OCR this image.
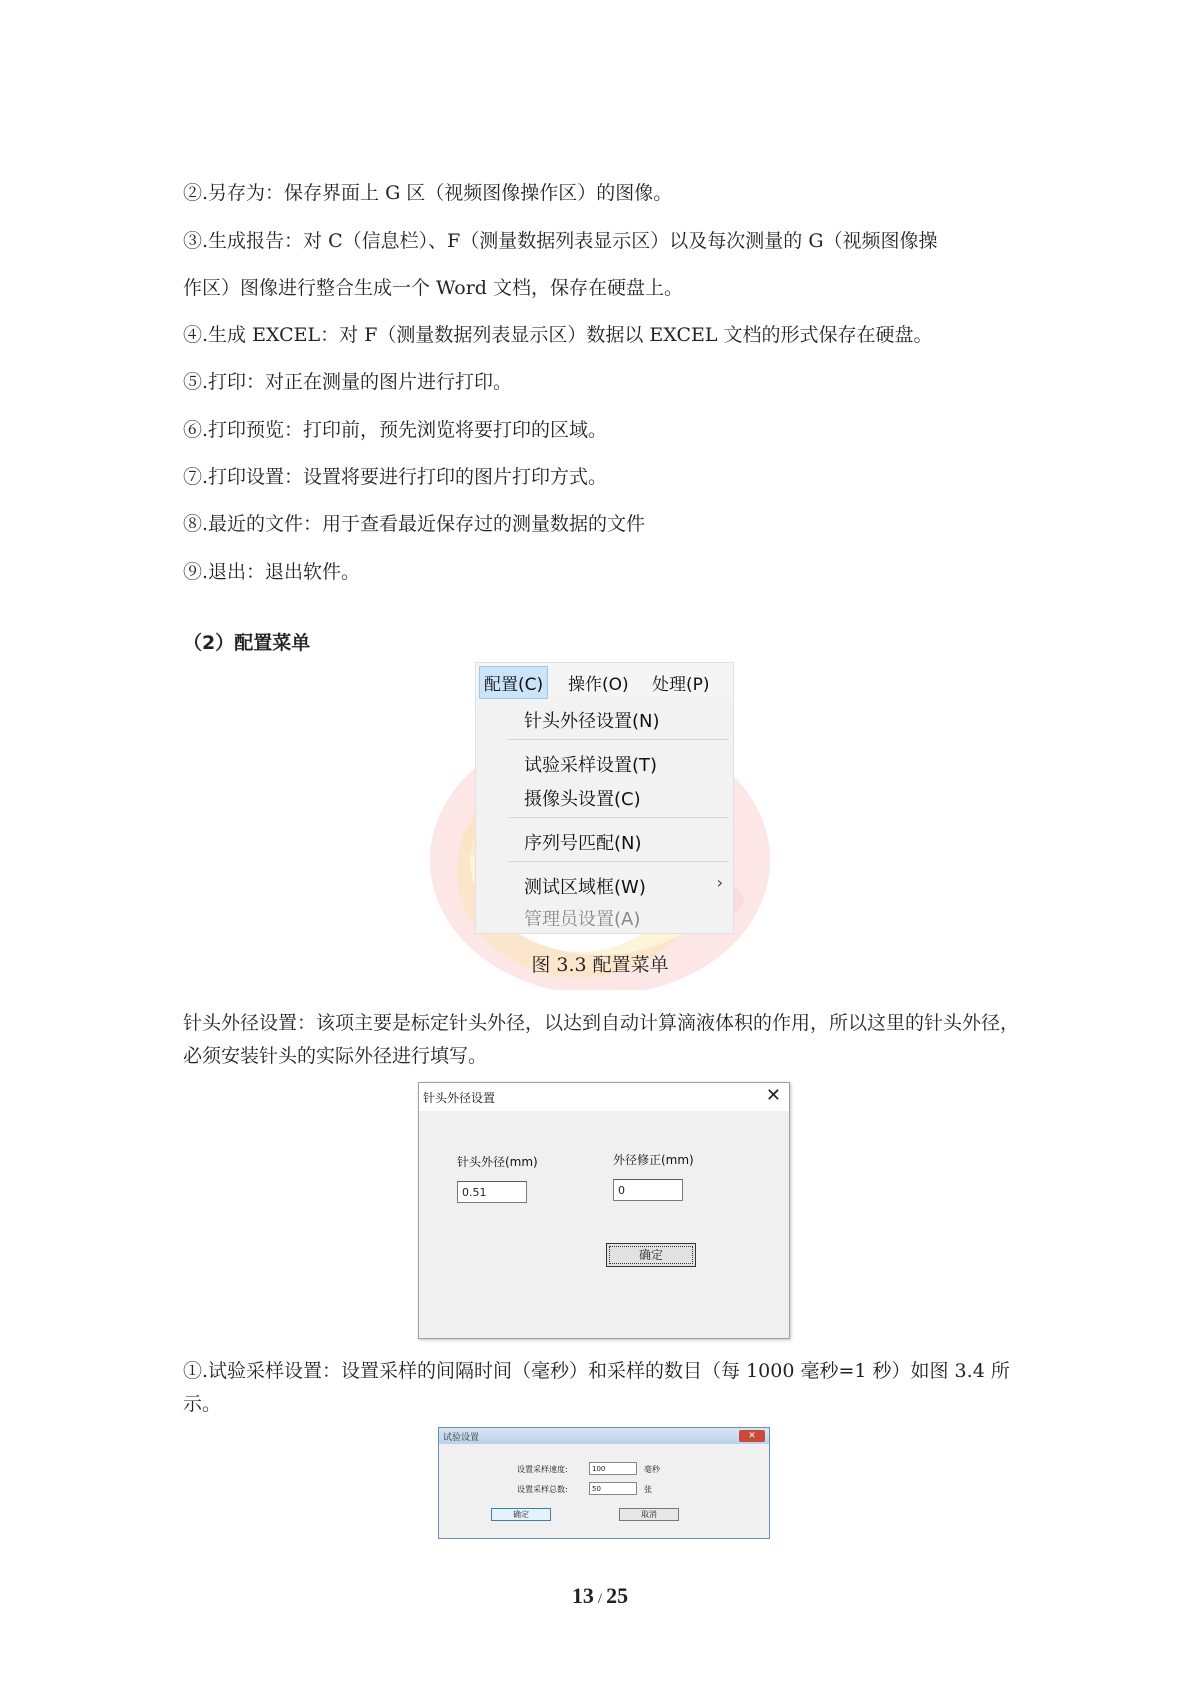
②.另存为：保存界面上 G 区（视频图像操作区）的图像。

③.生成报告：对 C（信息栏）、F（测量数据列表显示区）以及每次测量的 G（视频图像操

作区）图像进行整合生成一个 Word 文档，保存在硬盘上。

④.生成 EXCEL：对 F（测量数据列表显示区）数据以 EXCEL 文档的形式保存在硬盘。

⑤.打印：对正在测量的图片进行打印。

⑥.打印预览：打印前，预先浏览将要打印的区域。

⑦.打印设置：设置将要进行打印的图片打印方式。

⑧.最近的文件：用于查看最近保存过的测量数据的文件

⑨.退出：退出软件。

（2）配置菜单
配置(C) 操作(O) 处理(P)
针头外径设置(N)
试验采样设置(T)
摄像头设置(C)
序列号匹配(N)
测试区域框(W)	›
管理员设置(A)
图 3.3 配置菜单

针头外径设置：该项主要是标定针头外径，以达到自动计算滴液体积的作用，所以这里的针头外径，必须安装针头的实际外径进行填写。

针头外径设置	✕
针头外径(mm)	外径修正(mm)
0.51	0
确定

①.试验采样设置：设置采样的间隔时间（毫秒）和采样的数目（每 1000 毫秒=1 秒）如图 3.4 所示。

试验设置	✕
设置采样速度:	100	毫秒
设置采样总数:	50	张
确定	取消
13 / 25
